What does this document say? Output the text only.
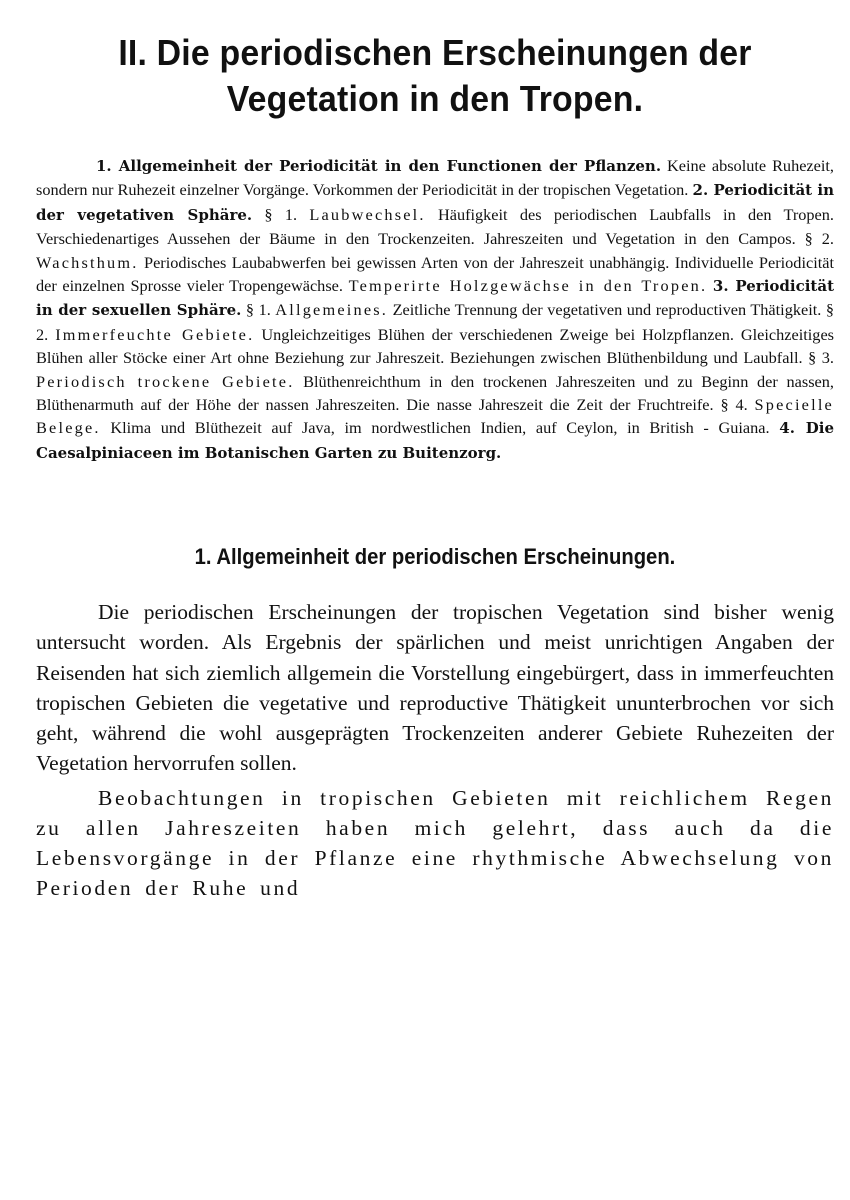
II. Die periodischen Erscheinungen der
Vegetation in den Tropen.

1. Allgemeinheit der Periodicität in den Functionen der Pflanzen. Keine absolute Ruhezeit, sondern nur Ruhezeit einzelner Vorgänge. Vorkommen der Periodicität in der tropischen Vegetation. 2. Periodicität in der vegetativen Sphäre. § 1. Laubwechsel. Häufigkeit des periodischen Laubfalls in den Tropen. Verschiedenartiges Aussehen der Bäume in den Trockenzeiten. Jahreszeiten und Vegetation in den Campos. § 2. Wachsthum. Periodisches Laubabwerfen bei gewissen Arten von der Jahreszeit unabhängig. Individuelle Periodicität der einzelnen Sprosse vieler Tropengewächse. Temperirte Holzgewächse in den Tropen. 3. Periodicität in der sexuellen Sphäre. § 1. Allgemeines. Zeitliche Trennung der vegetativen und reproductiven Thätigkeit. § 2. Immerfeuchte Gebiete. Ungleichzeitiges Blühen der verschiedenen Zweige bei Holzpflanzen. Gleichzeitiges Blühen aller Stöcke einer Art ohne Beziehung zur Jahreszeit. Beziehungen zwischen Blüthenbildung und Laubfall. § 3. Periodisch trockene Gebiete. Blüthenreichthum in den trockenen Jahreszeiten und zu Beginn der nassen, Blüthenarmuth auf der Höhe der nassen Jahreszeiten. Die nasse Jahreszeit die Zeit der Fruchtreife. § 4. Specielle Belege. Klima und Blüthezeit auf Java, im nordwestlichen Indien, auf Ceylon, in British - Guiana. 4. Die Caesalpiniaceen im Botanischen Garten zu Buitenzorg.

1. Allgemeinheit der periodischen Erscheinungen.

Die periodischen Erscheinungen der tropischen Vegetation sind bisher wenig untersucht worden. Als Ergebnis der spärlichen und meist unrichtigen Angaben der Reisenden hat sich ziemlich allgemein die Vorstellung eingebürgert, dass in immerfeuchten tropischen Gebieten die vegetative und reproductive Thätigkeit ununterbrochen vor sich geht, während die wohl ausgeprägten Trockenzeiten anderer Gebiete Ruhezeiten der Vegetation hervorrufen sollen.

Beobachtungen in tropischen Gebieten mit reichlichem Regen zu allen Jahreszeiten haben mich gelehrt, dass auch da die Lebensvorgänge in der Pflanze eine rhythmische Abwechselung von Perioden der Ruhe und
